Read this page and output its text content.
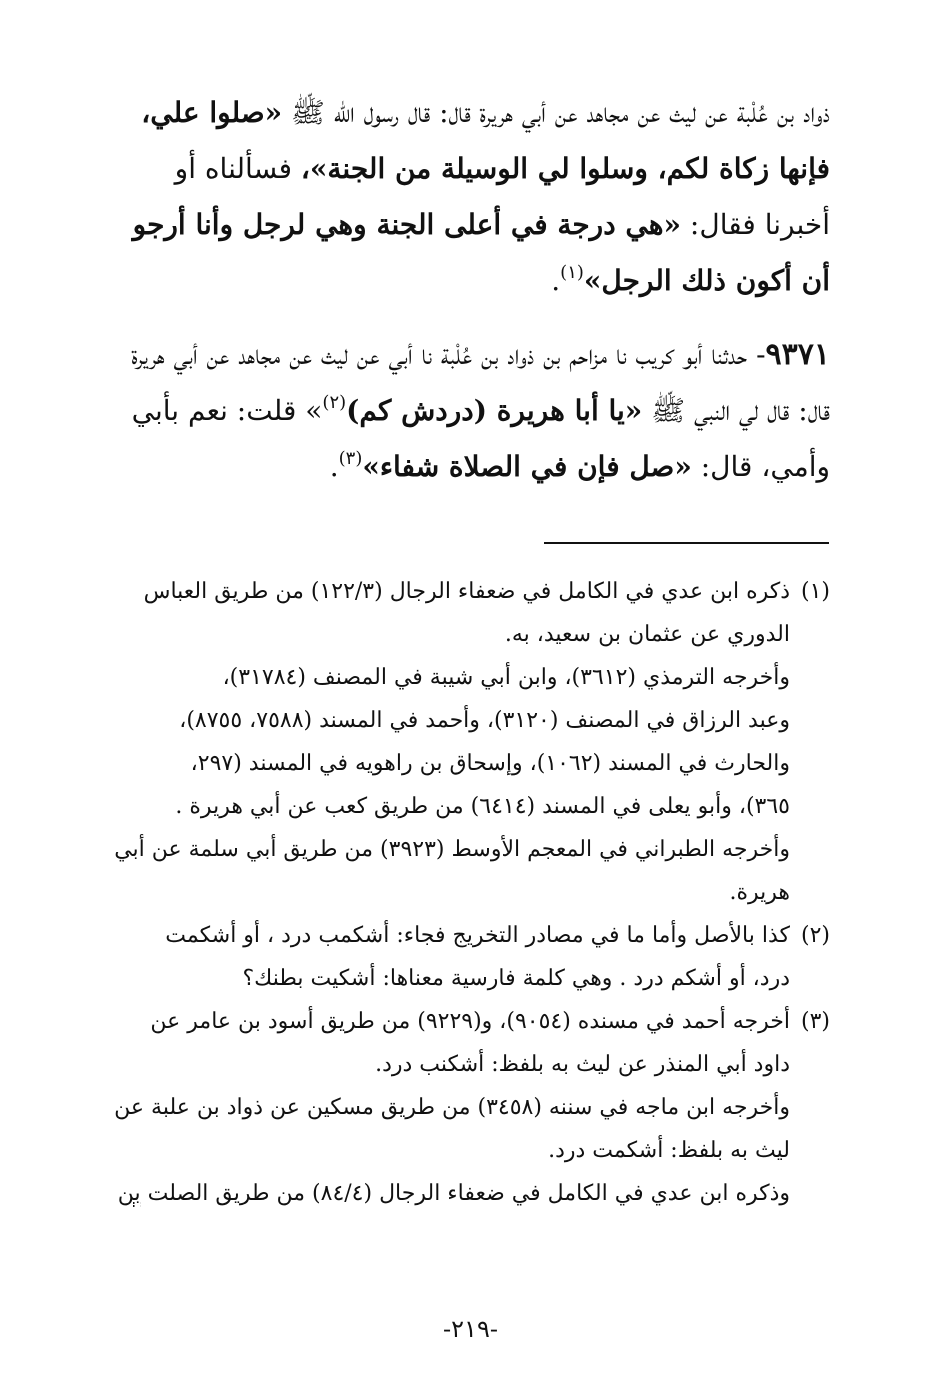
ذواد بن عُلْبة عن ليث عن مجاهد عن أبي هريرة قال: قال رسول الله ﷺ «صلوا علي، فإنها زكاة لكم، وسلوا لي الوسيلة من الجنة»، فسألناه أو أخبرنا فقال: «هي درجة في أعلى الجنة وهي لرجل وأنا أرجو أن أكون ذلك الرجل»$^{(١)}$.

٩٣٧١- حدثنا أبو كريب نا مزاحم بن ذواد بن عُلْبة نا أبي عن ليث عن مجاهد عن أبي هريرة قال: قال لي النبي ﷺ «يا أبا هريرة (دردش كم)$^{(٢)}$» قلت: نعم بأبي وأمي، قال: «صل فإن في الصلاة شفاء»$^{(٣)}$.

(١)ذكره ابن عدي في الكامل في ضعفاء الرجال (١٢٢/٣) من طريق العباس

الدوري عن عثمان بن سعيد، به.

وأخرجه الترمذي (٣٦١٢)، وابن أبي شيبة في المصنف (٣١٧٨٤)،

وعبد الرزاق في المصنف (٣١٢٠)، وأحمد في المسند (٧٥٨٨، ٨٧٥٥)،

والحارث في المسند (١٠٦٢)، وإسحاق بن راهويه في المسند (٢٩٧،

٣٦٥)، وأبو يعلى في المسند (٦٤١٤) من طريق كعب عن أبي هريرة .

وأخرجه الطبراني في المعجم الأوسط (٣٩٢٣) من طريق أبي سلمة عن أبي

هريرة.

(٢)كذا بالأصل وأما ما في مصادر التخريج فجاء: أشكمب درد ، أو أشكمت

درد، أو أشكم درد . وهي كلمة فارسية معناها: أشكيت بطنك؟

(٣)أخرجه أحمد في مسنده (٩٠٥٤)، و(٩٢٢٩) من طريق أسود بن عامر عن

داود أبي المنذر عن ليث به بلفظ: أشكنب درد.

وأخرجه ابن ماجه في سننه (٣٤٥٨) من طريق مسكين عن ذواد بن علبة عن

ليث به بلفظ: أشكمت درد.

وذكره ابن عدي في الكامل في ضعفاء الرجال (٨٤/٤) من طريق الصلت بن

-٢١٩-
